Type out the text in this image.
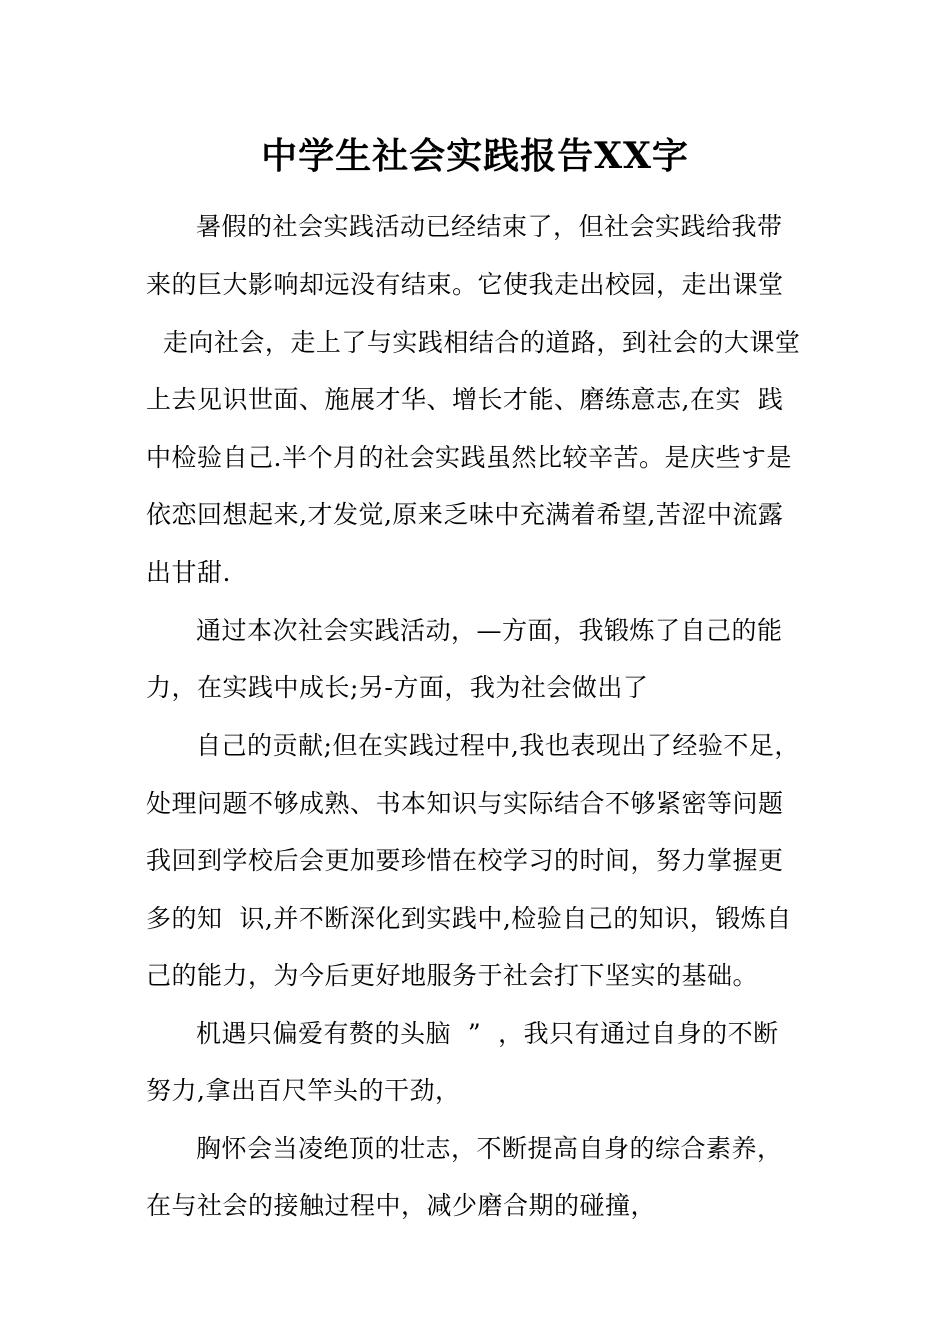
中学生社会实践报告XX字
暑假的社会实践活动已经结束了，但社会实践给我带
来的巨大影响却远没有结束。它使我走出校园，走出课堂
走向社会，走上了与实践相结合的道路，到社会的大课堂
上去见识世面、施展才华、增长才能、磨练意志,在实  践
中检验自己.半个月的社会实践虽然比较辛苦。是庆些す是
依恋回想起来,才发觉,原来乏味中充满着希望,苦涩中流露
出甘甜.
通过本次社会实践活动，—方面，我锻炼了自己的能
力，在实践中成长;另-方面，我为社会做出了
自己的贡献;但在实践过程中,我也表现出了经验不足，
处理问题不够成熟、书本知识与实际结合不够紧密等问题
我回到学校后会更加要珍惜在校学习的时间，努力掌握更
多的知  识,并不断深化到实践中,检验自己的知识，锻炼自
己的能力，为今后更好地服务于社会打下坚实的基础。
机遇只偏爱有赘的头脑  ”  ，我只有通过自身的不断
努力,拿出百尺竿头的干劲，
胸怀会当凌绝顶的壮志，不断提高自身的综合素养，
在与社会的接触过程中，减少磨合期的碰撞，
